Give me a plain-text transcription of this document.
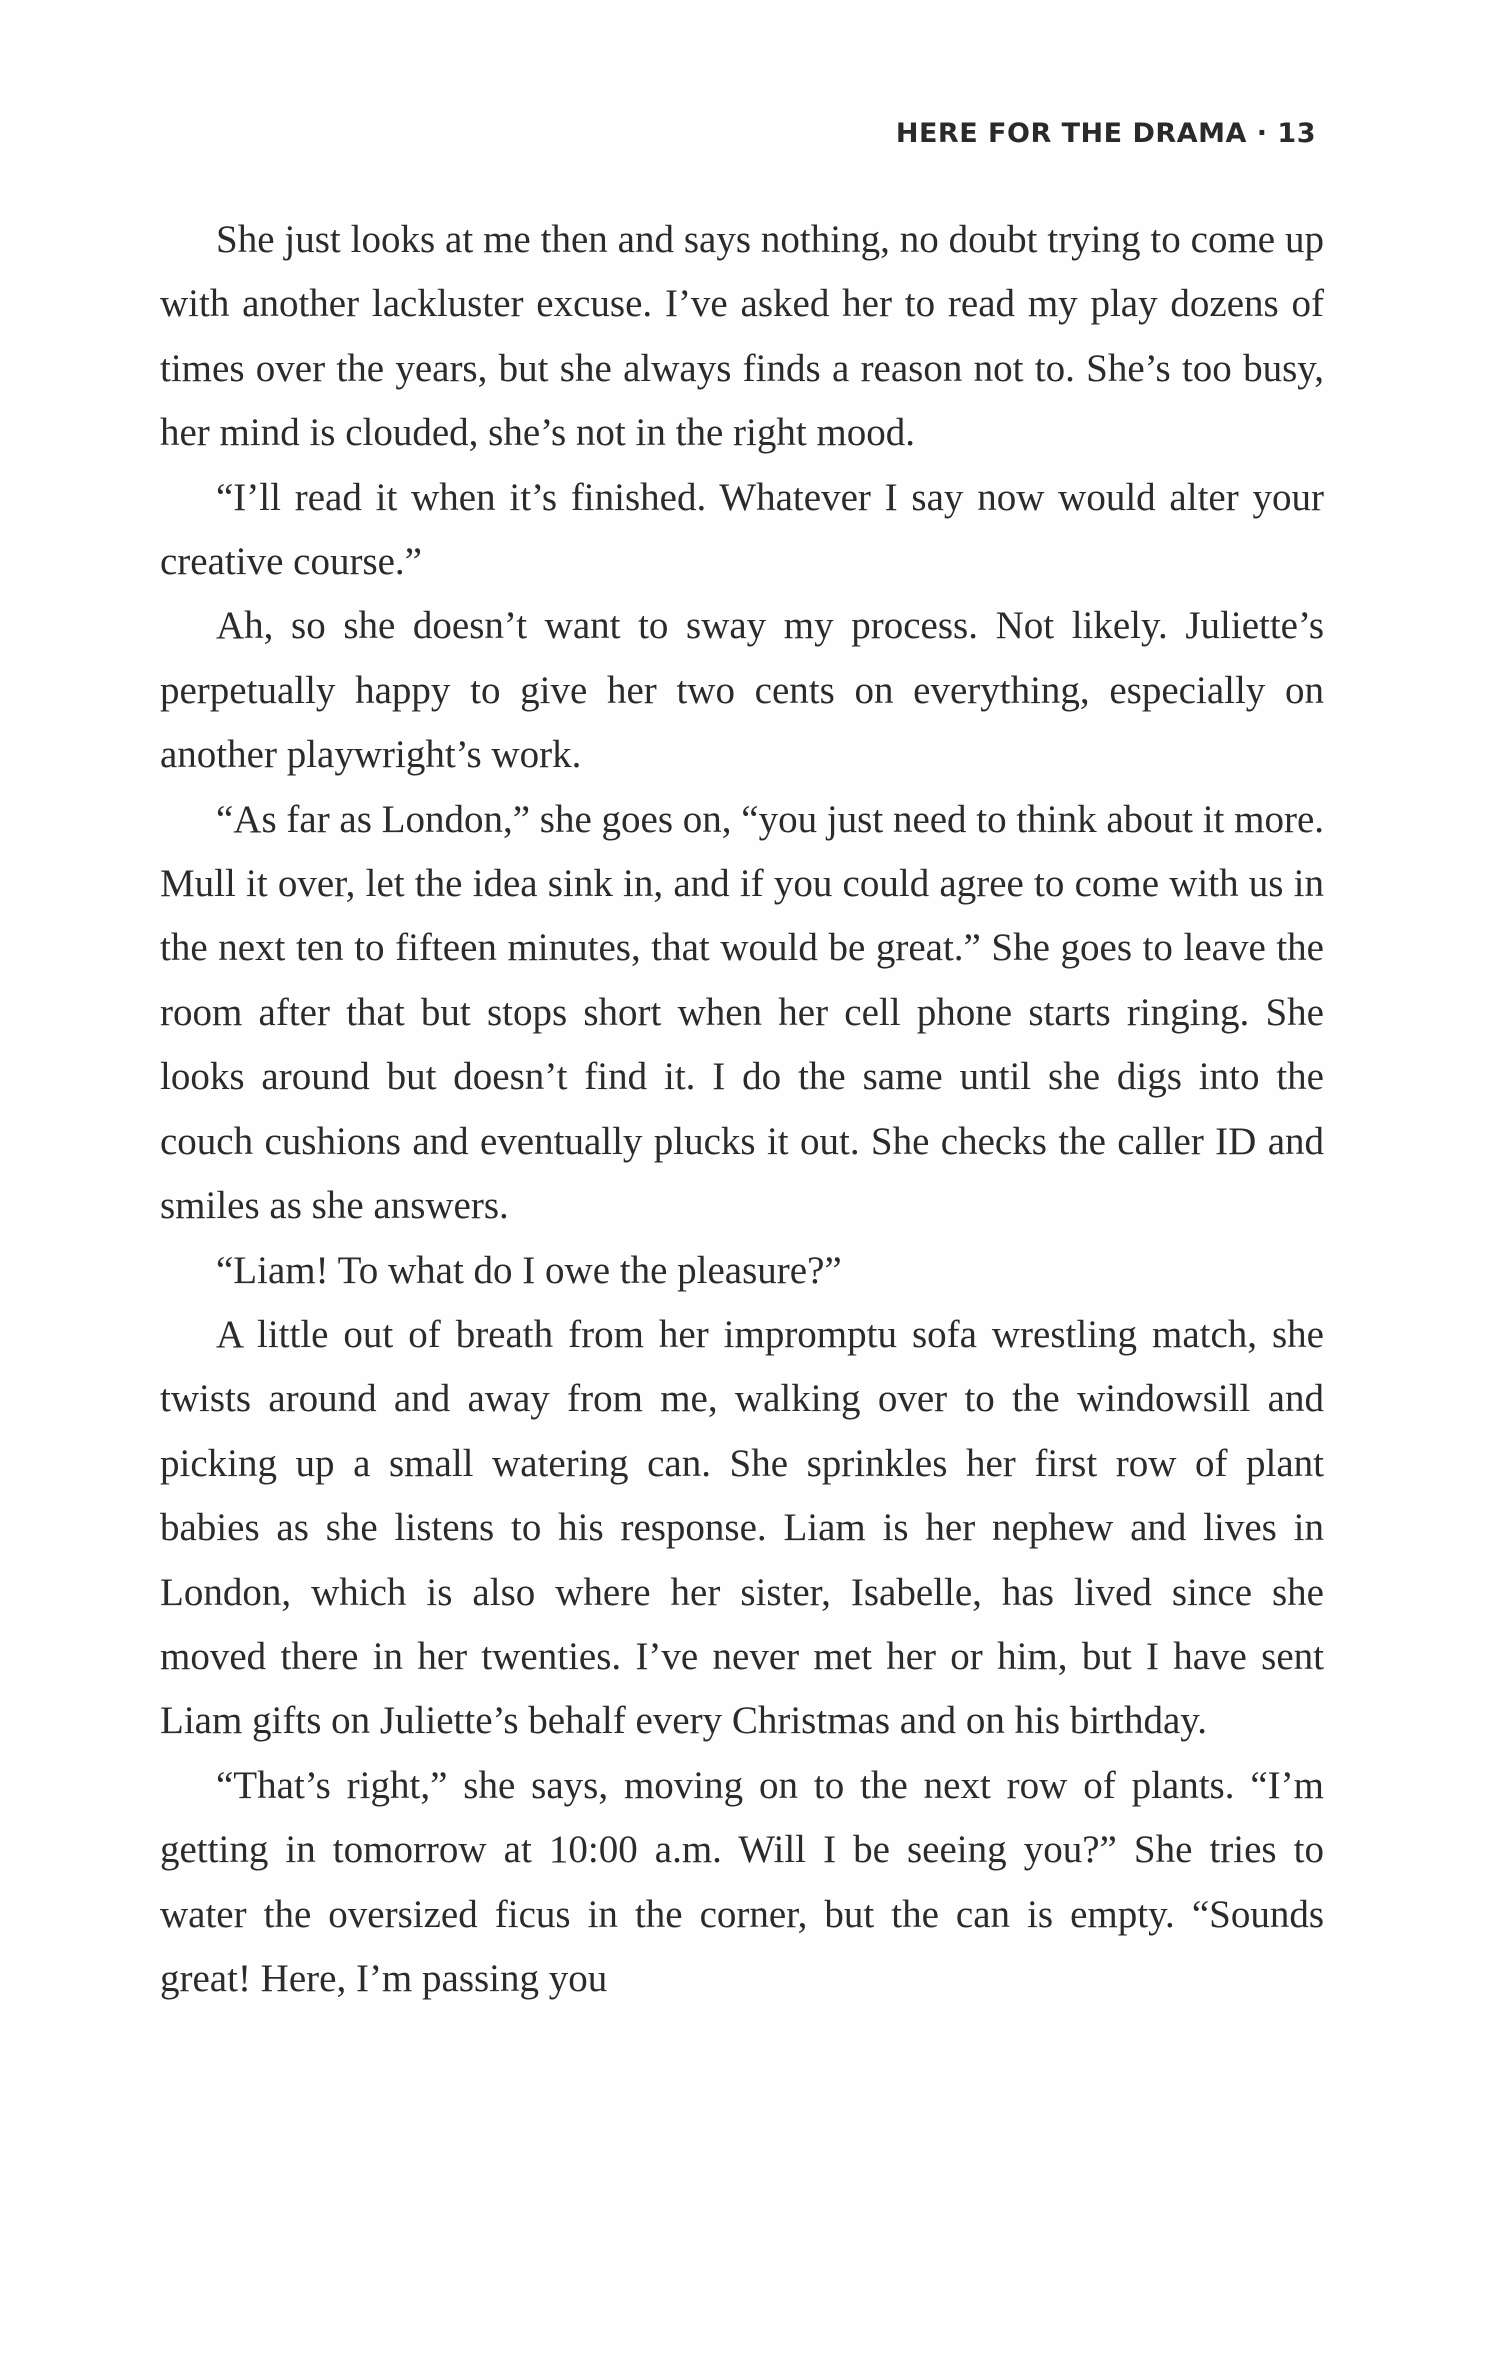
HERE FOR THE DRAMA · 13

She just looks at me then and says nothing, no doubt trying to come up with another lackluster excuse. I’ve asked her to read my play dozens of times over the years, but she always finds a reason not to. She’s too busy, her mind is clouded, she’s not in the right mood.

“I’ll read it when it’s finished. Whatever I say now would alter your creative course.”

Ah, so she doesn’t want to sway my process. Not likely. Juliette’s perpetually happy to give her two cents on everything, especially on another playwright’s work.

“As far as London,” she goes on, “you just need to think about it more. Mull it over, let the idea sink in, and if you could agree to come with us in the next ten to fifteen minutes, that would be great.” She goes to leave the room after that but stops short when her cell phone starts ringing. She looks around but doesn’t find it. I do the same until she digs into the couch cushions and eventually plucks it out. She checks the caller ID and smiles as she answers.

“Liam! To what do I owe the pleasure?”

A little out of breath from her impromptu sofa wrestling match, she twists around and away from me, walking over to the windowsill and picking up a small watering can. She sprinkles her first row of plant babies as she listens to his response. Liam is her nephew and lives in London, which is also where her sister, Isabelle, has lived since she moved there in her twenties. I’ve never met her or him, but I have sent Liam gifts on Juliette’s behalf every Christmas and on his birthday.

“That’s right,” she says, moving on to the next row of plants. “I’m getting in tomorrow at 10:00 a.m. Will I be seeing you?” She tries to water the oversized ficus in the corner, but the can is empty. “Sounds great! Here, I’m passing you
